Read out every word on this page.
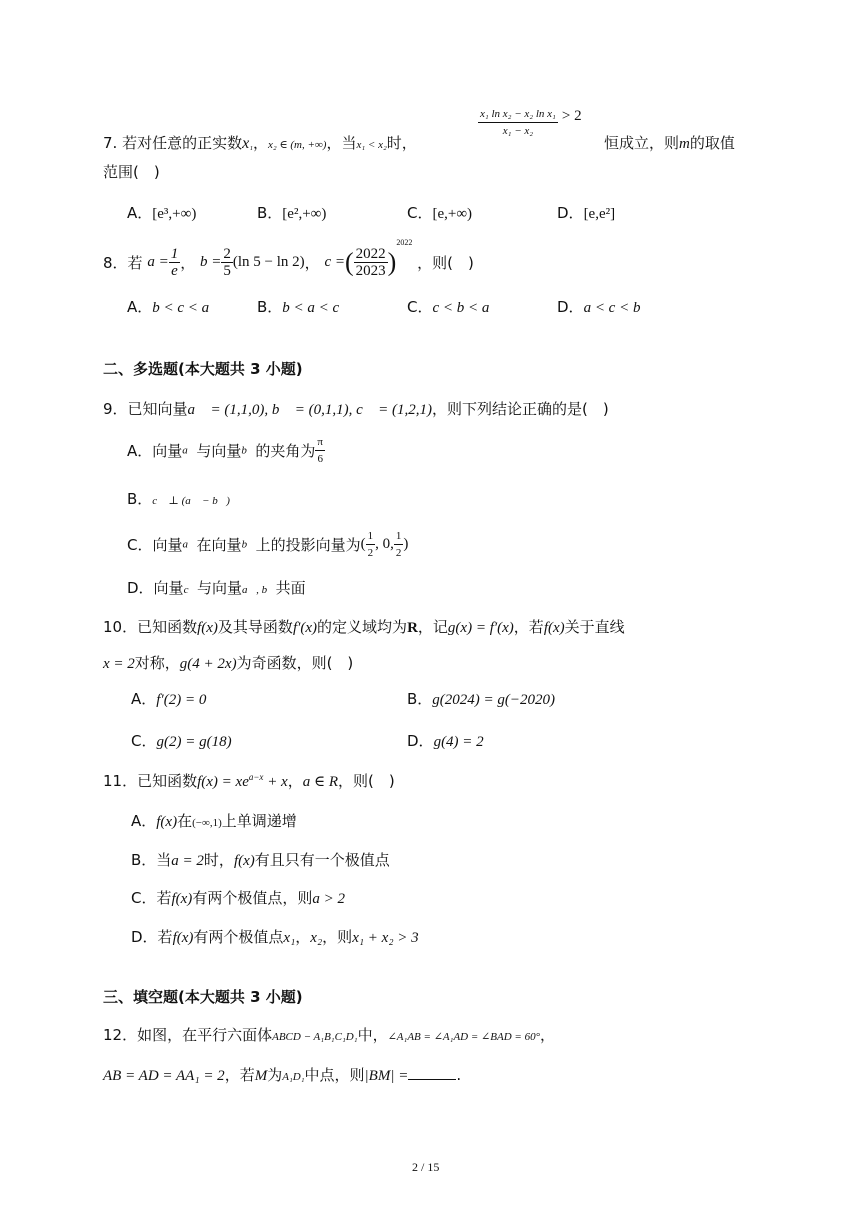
7. 若对任意的正实数x₁，x₂ ∈ (m, +∞)，当x₁ < x₂时，
$\frac{\text{x₁ ln x₂ − x₂ ln x₁}}{\text{x₁ − x₂}} > 2$
恒成立，则m的取值
范围(　)
A．[e³,+∞)	B．[e²,+∞)	C．[e,+∞)	D．[e,e²]
8．若 $a = \frac{1}{e}$ ， $b = \frac{2}{5} (\ln$ 5 − ln 2)， c =( $\frac{2022}{2023} )^{2022}$ ，则(　)
A．b < c < a	B．b < a < c	C．c < b < a	D．a < c < b
二、多选题(本大题共 3 小题)
9．已知向量a⃗ = (1,1,0), b⃗ = (0,1,1), c⃗ = (1,2,1)，则下列结论正确的是(　)
A．向量a⃗与向量b⃗的夹角为 $\frac{\pi}{6}$
B．c⃗ ⊥ (a⃗ − b⃗)
C．向量a⃗在向量b⃗上的投影向量为( $\frac{1}{2}$ , 0, $\frac{1}{2}$ )
D．向量c⃗与向量a⃗, b⃗共面
10．已知函数f(x)及其导函数f′(x)的定义域均为R，记g(x) = f′(x)，若f(x)关于直线
x = 2对称，g(4 + 2x)为奇函数，则(　)
A．f′(2) = 0	B．g(2024) = g(−2020)
C．g(2) = g(18)	D．g(4) = 2
11．已知函数$f(x) = xe^{a-x} + x$，a ∈ R，则(　)
A．f(x)在(−∞,1)上单调递增
B．当a = 2时，f(x)有且只有一个极值点
C．若f(x)有两个极值点，则a > 2
D．若f(x)有两个极值点x₁，x₂，则x₁ + x₂ > 3
三、填空题(本大题共 3 小题)
12．如图，在平行六面体ABCD − A₁B₁C₁D₁中，∠A₁AB = ∠A₁AD = ∠BAD = 60°，
AB = AD = AA₁ = 2，若M为A₁D₁中点，则|BM| =	.
2 / 15
